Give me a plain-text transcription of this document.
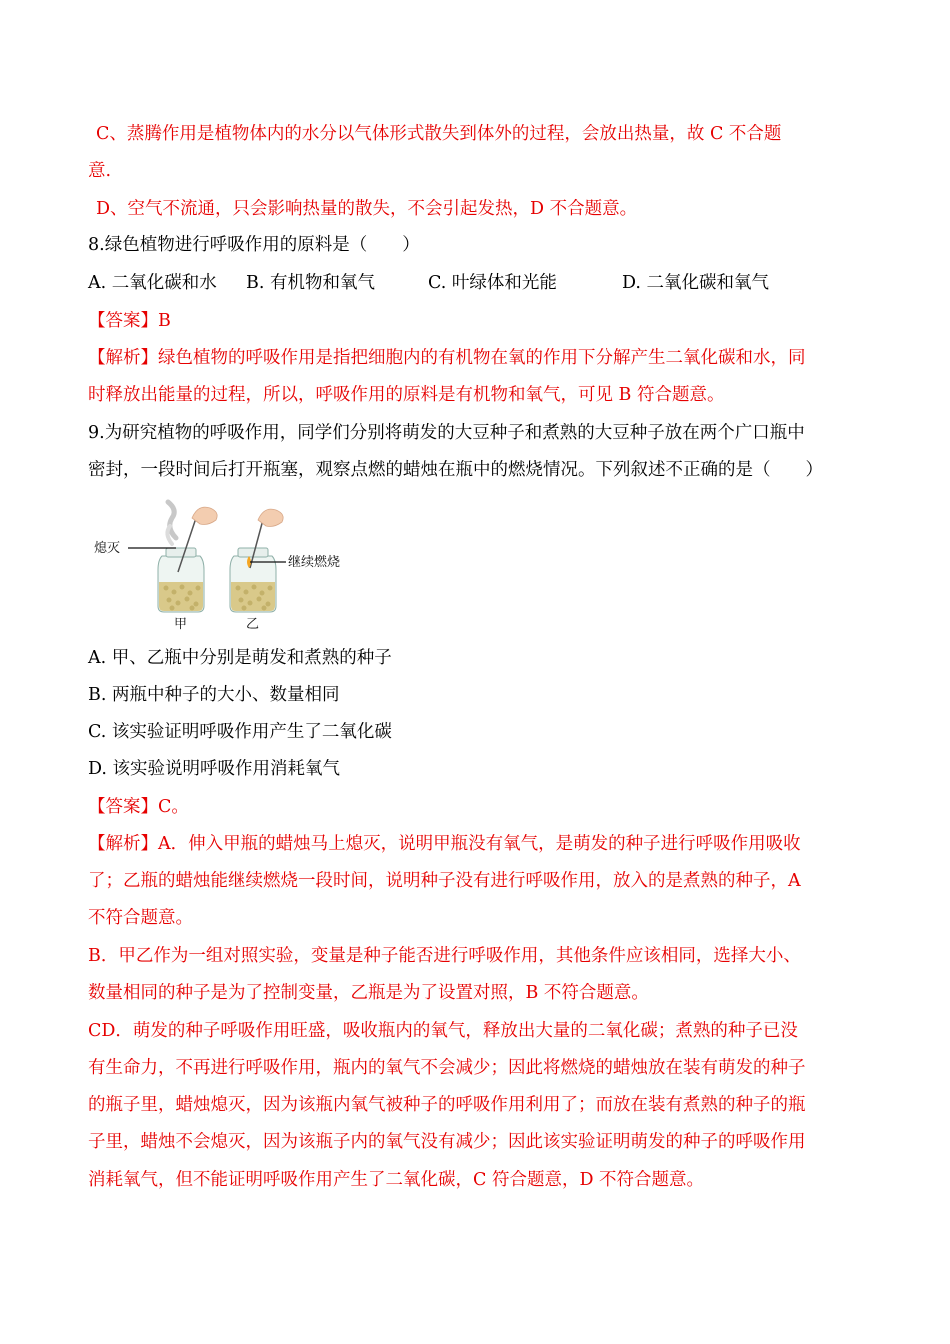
C、蒸腾作用是植物体内的水分以气体形式散失到体外的过程，会放出热量，故 C 不合题
意.
D、空气不流通，只会影响热量的散失，不会引起发热，D 不合题意。
8.绿色植物进行呼吸作用的原料是（　　）
A. 二氧化碳和水 B. 有机物和氧气	C. 叶绿体和光能	D. 二氧化碳和氧气
【答案】B
【解析】绿色植物的呼吸作用是指把细胞内的有机物在氧的作用下分解产生二氧化碳和水，同
时释放出能量的过程，所以，呼吸作用的原料是有机物和氧气，可见 B 符合题意。
9.为研究植物的呼吸作用，同学们分别将萌发的大豆种子和煮熟的大豆种子放在两个广口瓶中
密封，一段时间后打开瓶塞，观察点燃的蜡烛在瓶中的燃烧情况。下列叙述不正确的是（　　）
熄灭
继续燃烧
甲	乙
A. 甲、乙瓶中分别是萌发和煮熟的种子
B. 两瓶中种子的大小、数量相同
C. 该实验证明呼吸作用产生了二氧化碳
D. 该实验说明呼吸作用消耗氧气
【答案】C。
【解析】A．伸入甲瓶的蜡烛马上熄灭，说明甲瓶没有氧气，是萌发的种子进行呼吸作用吸收
了；乙瓶的蜡烛能继续燃烧一段时间，说明种子没有进行呼吸作用，放入的是煮熟的种子，A
不符合题意。
B．甲乙作为一组对照实验，变量是种子能否进行呼吸作用，其他条件应该相同，选择大小、
数量相同的种子是为了控制变量，乙瓶是为了设置对照，B 不符合题意。
CD．萌发的种子呼吸作用旺盛，吸收瓶内的氧气，释放出大量的二氧化碳；煮熟的种子已没
有生命力，不再进行呼吸作用，瓶内的氧气不会减少；因此将燃烧的蜡烛放在装有萌发的种子
的瓶子里，蜡烛熄灭，因为该瓶内氧气被种子的呼吸作用利用了；而放在装有煮熟的种子的瓶
子里，蜡烛不会熄灭，因为该瓶子内的氧气没有减少；因此该实验证明萌发的种子的呼吸作用
消耗氧气，但不能证明呼吸作用产生了二氧化碳，C 符合题意，D 不符合题意。
